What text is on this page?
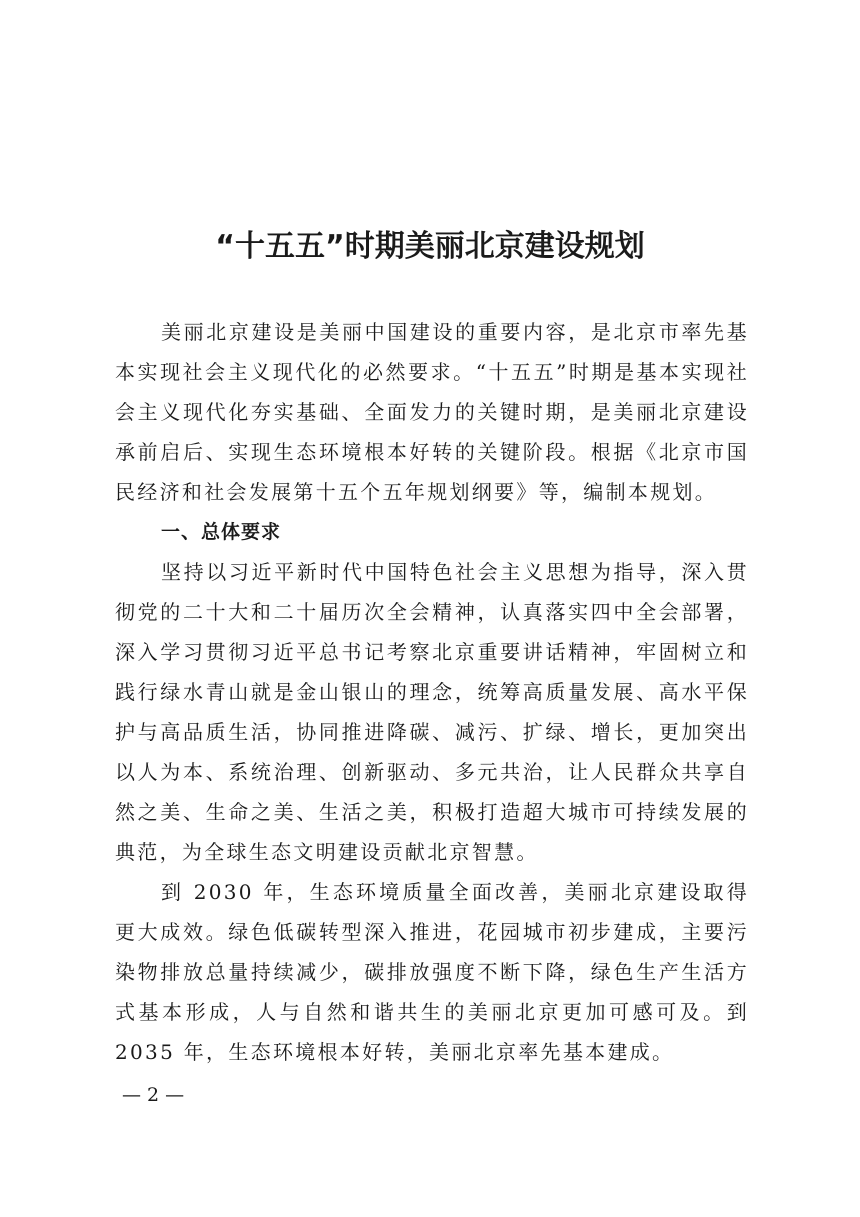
“十五五”时期美丽北京建设规划

美丽北京建设是美丽中国建设的重要内容，是北京市率先基本实现社会主义现代化的必然要求。“十五五”时期是基本实现社会主义现代化夯实基础、全面发力的关键时期，是美丽北京建设承前启后、实现生态环境根本好转的关键阶段。根据《北京市国民经济和社会发展第十五个五年规划纲要》等，编制本规划。

一、总体要求

坚持以习近平新时代中国特色社会主义思想为指导，深入贯彻党的二十大和二十届历次全会精神，认真落实四中全会部署，深入学习贯彻习近平总书记考察北京重要讲话精神，牢固树立和践行绿水青山就是金山银山的理念，统筹高质量发展、高水平保护与高品质生活，协同推进降碳、减污、扩绿、增长，更加突出以人为本、系统治理、创新驱动、多元共治，让人民群众共享自然之美、生命之美、生活之美，积极打造超大城市可持续发展的典范，为全球生态文明建设贡献北京智慧。

到 2030 年，生态环境质量全面改善，美丽北京建设取得更大成效。绿色低碳转型深入推进，花园城市初步建成，主要污染物排放总量持续减少，碳排放强度不断下降，绿色生产生活方式基本形成，人与自然和谐共生的美丽北京更加可感可及。到 2035 年，生态环境根本好转，美丽北京率先基本建成。

— 2 —
